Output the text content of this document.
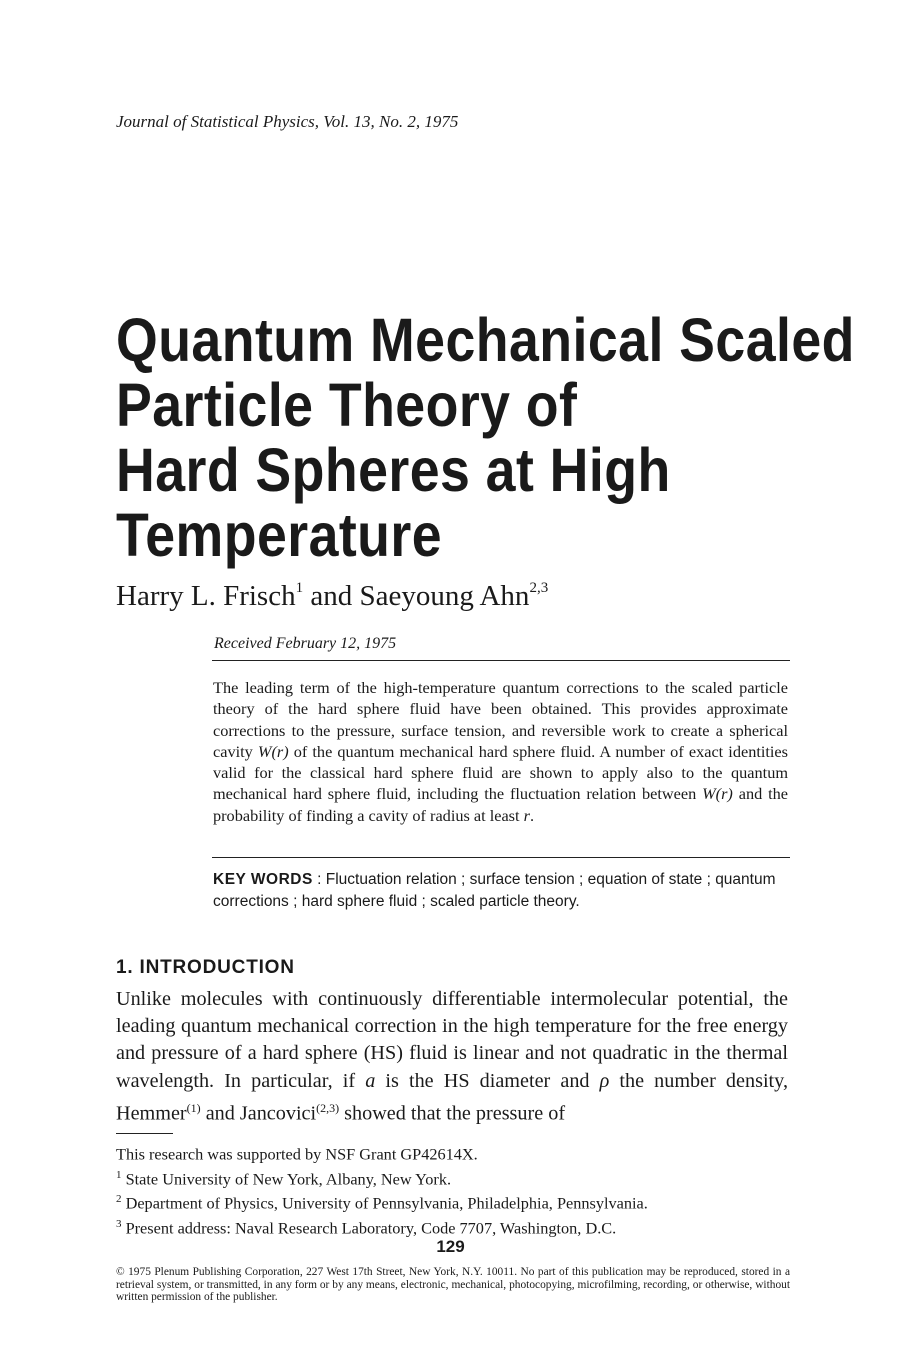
Journal of Statistical Physics, Vol. 13, No. 2, 1975
Quantum Mechanical Scaled
Particle Theory of
Hard Spheres at High
Temperature
Harry L. Frisch$^1$ and Saeyoung Ahn$^{2,3}$
Received February 12, 1975
The leading term of the high-temperature quantum corrections to the scaled particle theory of the hard sphere fluid have been obtained. This provides approximate corrections to the pressure, surface tension, and reversible work to create a spherical cavity W(r) of the quantum mechanical hard sphere fluid. A number of exact identities valid for the classical hard sphere fluid are shown to apply also to the quantum mechanical hard sphere fluid, including the fluctuation relation between W(r) and the probability of finding a cavity of radius at least r.
KEY WORDS : Fluctuation relation ; surface tension ; equation of state ; quantum corrections ; hard sphere fluid ; scaled particle theory.
1. INTRODUCTION

Unlike molecules with continuously differentiable intermolecular potential, the leading quantum mechanical correction in the high temperature for the free energy and pressure of a hard sphere (HS) fluid is linear and not quadratic in the thermal wavelength. In particular, if a is the HS diameter and ρ the number density, Hemmer$^{(1)}$ and Jancovici$^{(2,3)}$ showed that the pressure of

This research was supported by NSF Grant GP42614X.
$^1$ State University of New York, Albany, New York.
$^2$ Department of Physics, University of Pennsylvania, Philadelphia, Pennsylvania.
$^3$ Present address: Naval Research Laboratory, Code 7707, Washington, D.C.
129
© 1975 Plenum Publishing Corporation, 227 West 17th Street, New York, N.Y. 10011. No part of this publication may be reproduced, stored in a retrieval system, or transmitted, in any form or by any means, electronic, mechanical, photocopying, microfilming, recording, or otherwise, without written permission of the publisher.
